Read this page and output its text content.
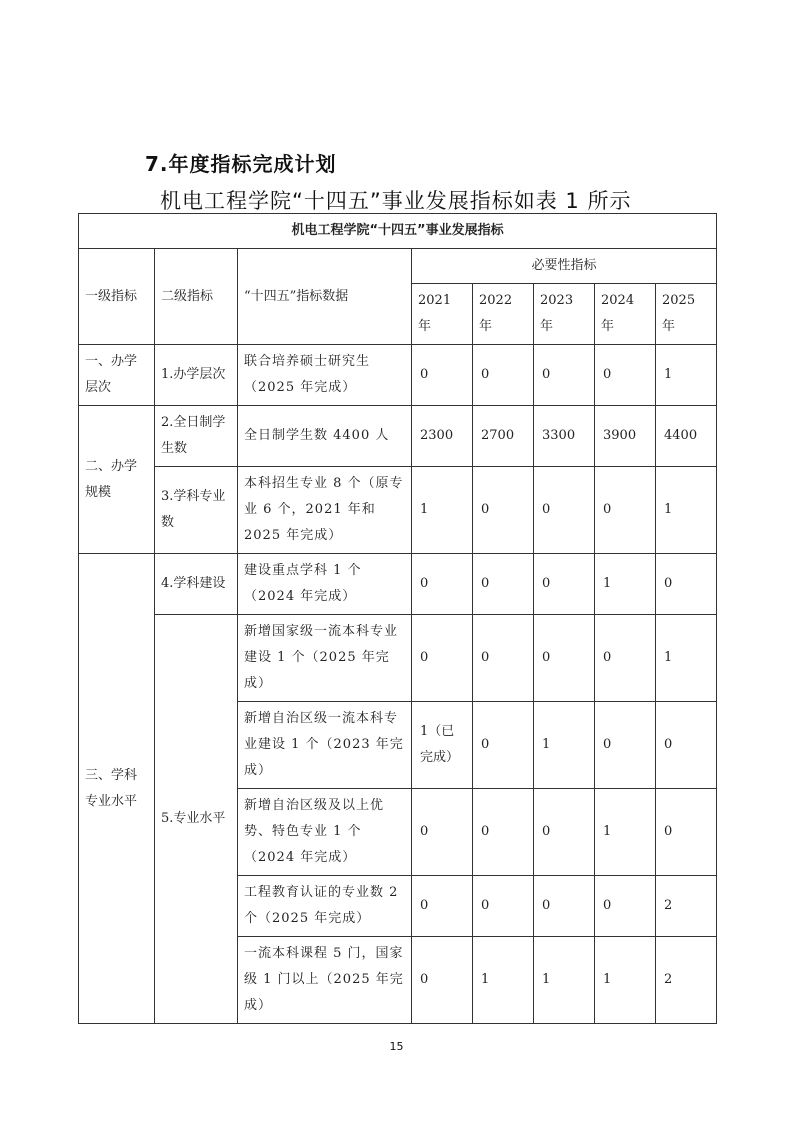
7.年度指标完成计划
机电工程学院“十四五”事业发展指标如表 1 所示
机电工程学院“十四五”事业发展指标							
一级指标	二级指标	“十四五”指标数据	必要性指标				
			2021 年	2022 年	2023 年	2024 年	2025 年
一、办学层次	1.办学层次	联合培养硕士研究生（2025 年完成）	0	0	0	0	1
二、办学规模	2.全日制学生数	全日制学生数 4400 人	2300	2700	3300	3900	4400
	3.学科专业数	本科招生专业 8 个（原专业 6 个，2021 年和 2025 年完成）	1	0	0	0	1
三、学科专业水平	4.学科建设	建设重点学科 1 个（2024 年完成）	0	0	0	1	0
	5.专业水平	新增国家级一流本科专业建设 1 个（2025 年完成）	0	0	0	0	1
		新增自治区级一流本科专业建设 1 个（2023 年完成）	1（已完成）	0	1	0	0
		新增自治区级及以上优势、特色专业 1 个（2024 年完成）	0	0	0	1	0
		工程教育认证的专业数 2 个（2025 年完成）	0	0	0	0	2
		一流本科课程 5 门，国家级 1 门以上（2025 年完成）	0	1	1	1	2
15
